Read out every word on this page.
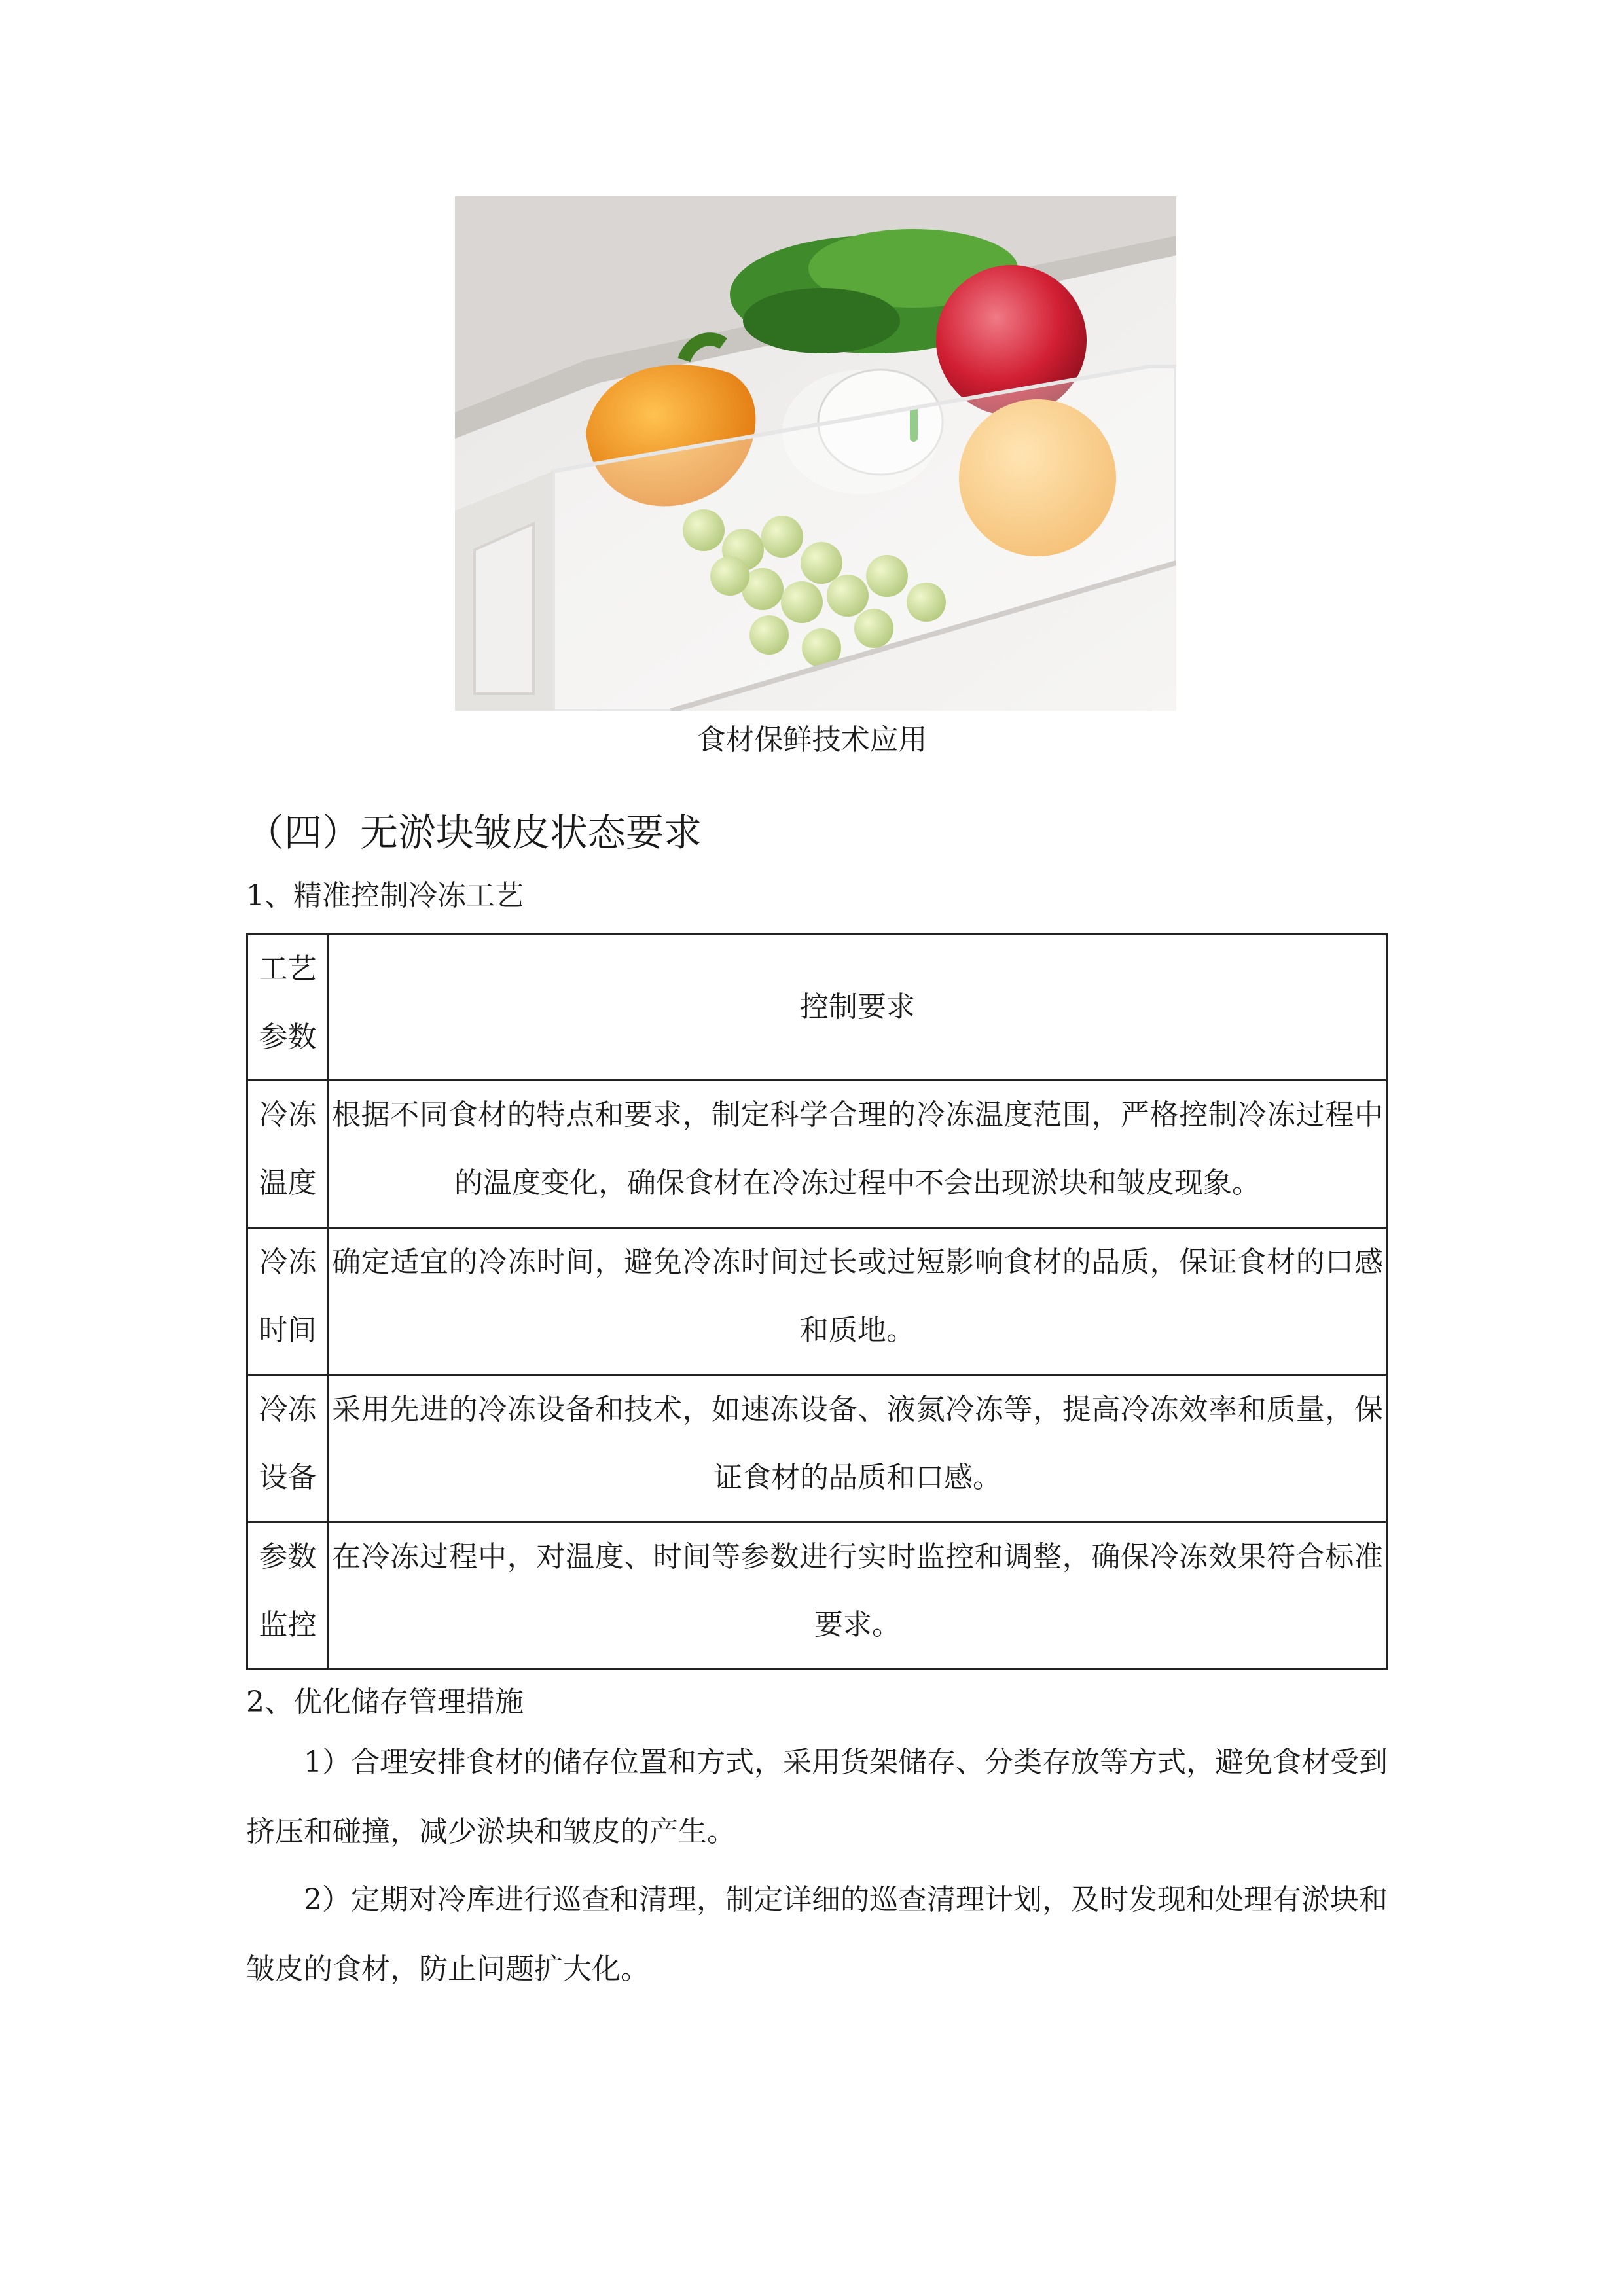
食材保鲜技术应用
（四）无淤块皱皮状态要求
1、精准控制冷冻工艺
工艺参数	控制要求
冷冻温度	根据不同食材的特点和要求，制定科学合理的冷冻温度范围，严格控制冷冻过程中的温度变化，确保食材在冷冻过程中不会出现淤块和皱皮现象。
冷冻时间	确定适宜的冷冻时间，避免冷冻时间过长或过短影响食材的品质，保证食材的口感和质地。
冷冻设备	采用先进的冷冻设备和技术，如速冻设备、液氮冷冻等，提高冷冻效率和质量，保证食材的品质和口感。
参数监控	在冷冻过程中，对温度、时间等参数进行实时监控和调整，确保冷冻效果符合标准要求。
2、优化储存管理措施

1）合理安排食材的储存位置和方式，采用货架储存、分类存放等方式，避免食材受到挤压和碰撞，减少淤块和皱皮的产生。

2）定期对冷库进行巡查和清理，制定详细的巡查清理计划，及时发现和处理有淤块和皱皮的食材，防止问题扩大化。
